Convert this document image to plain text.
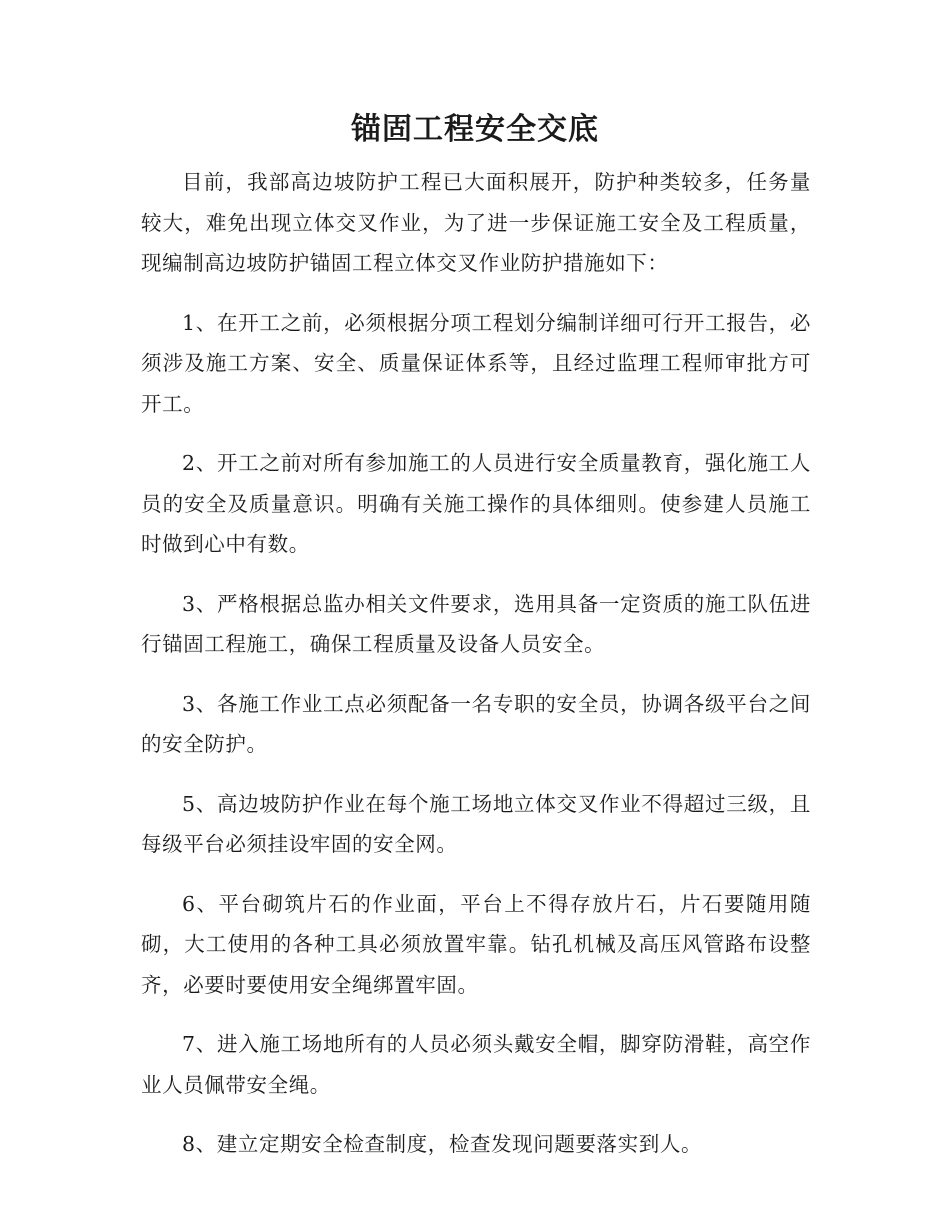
锚固工程安全交底

目前，我部高边坡防护工程已大面积展开，防护种类较多，任务量较大，难免出现立体交叉作业，为了进一步保证施工安全及工程质量，现编制高边坡防护锚固工程立体交叉作业防护措施如下：

1、在开工之前，必须根据分项工程划分编制详细可行开工报告，必须涉及施工方案、安全、质量保证体系等，且经过监理工程师审批方可开工。

2、开工之前对所有参加施工的人员进行安全质量教育，强化施工人员的安全及质量意识。明确有关施工操作的具体细则。使参建人员施工时做到心中有数。

3、严格根据总监办相关文件要求，选用具备一定资质的施工队伍进行锚固工程施工，确保工程质量及设备人员安全。

3、各施工作业工点必须配备一名专职的安全员，协调各级平台之间的安全防护。

5、高边坡防护作业在每个施工场地立体交叉作业不得超过三级，且每级平台必须挂设牢固的安全网。

6、平台砌筑片石的作业面，平台上不得存放片石，片石要随用随砌，大工使用的各种工具必须放置牢靠。钻孔机械及高压风管路布设整齐，必要时要使用安全绳绑置牢固。

7、进入施工场地所有的人员必须头戴安全帽，脚穿防滑鞋，高空作业人员佩带安全绳。

8、建立定期安全检查制度，检查发现问题要落实到人。
